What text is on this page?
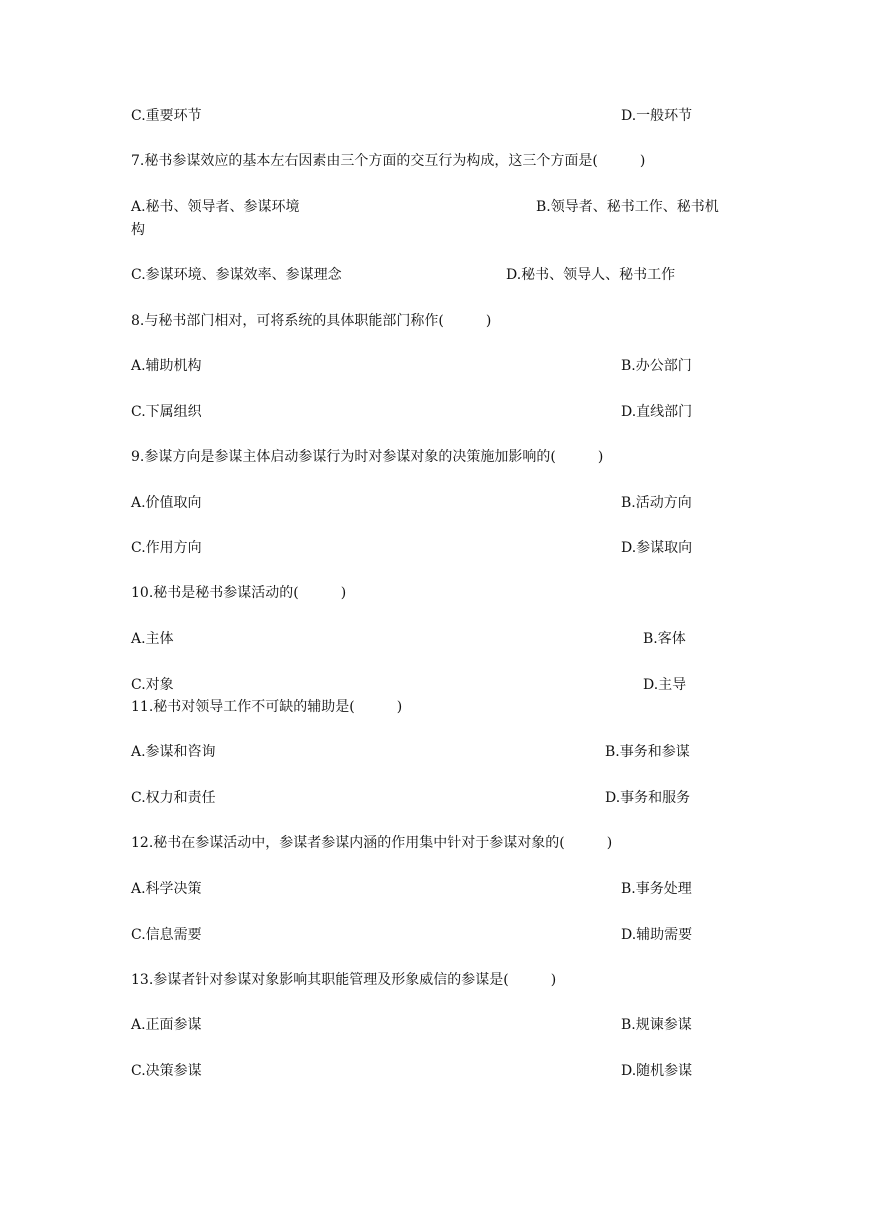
C.重要环节	D.一般环节
7.秘书参谋效应的基本左右因素由三个方面的交互行为构成，这三个方面是(　　　)
A.秘书、领导者、参谋环境	B.领导者、秘书工作、秘书机
构
C.参谋环境、参谋效率、参谋理念	D.秘书、领导人、秘书工作
8.与秘书部门相对，可将系统的具体职能部门称作(　　　)
A.辅助机构	B.办公部门
C.下属组织	D.直线部门
9.参谋方向是参谋主体启动参谋行为时对参谋对象的决策施加影响的(　　　)
A.价值取向	B.活动方向
C.作用方向	D.参谋取向
10.秘书是秘书参谋活动的(　　　)
A.主体	B.客体
C.对象	D.主导
11.秘书对领导工作不可缺的辅助是(　　　)
A.参谋和咨询	B.事务和参谋
C.权力和责任	D.事务和服务
12.秘书在参谋活动中，参谋者参谋内涵的作用集中针对于参谋对象的(　　　)
A.科学决策	B.事务处理
C.信息需要	D.辅助需要
13.参谋者针对参谋对象影响其职能管理及形象威信的参谋是(　　　)
A.正面参谋	B.规谏参谋
C.决策参谋	D.随机参谋
